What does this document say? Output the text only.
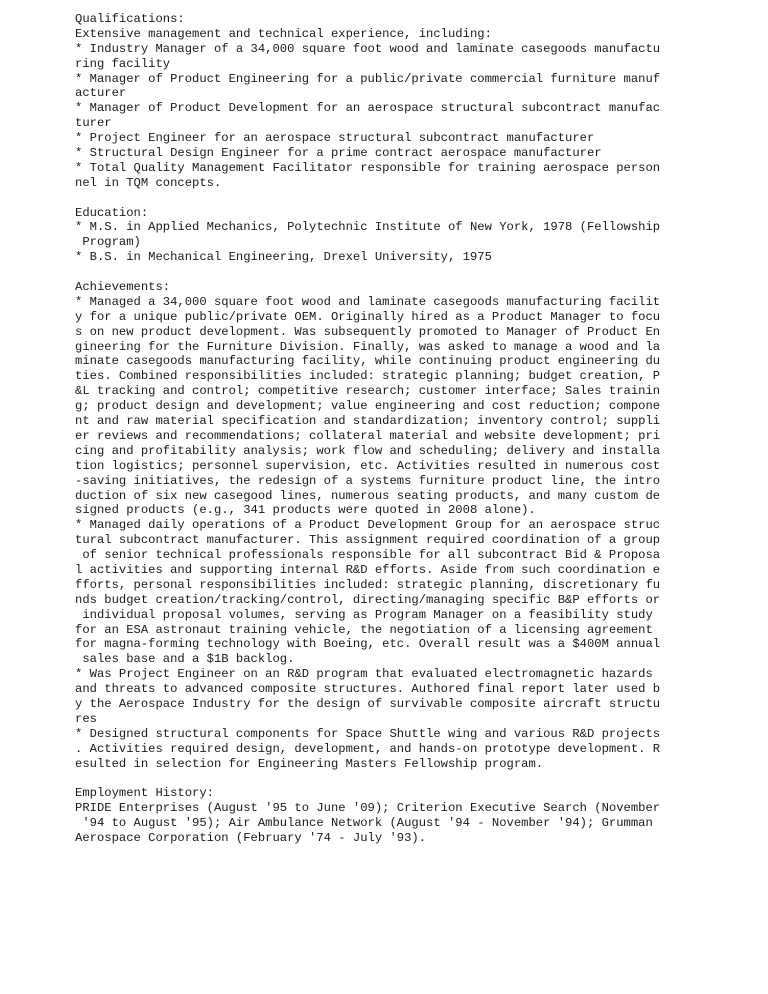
Qualifications:
Extensive management and technical experience, including:
* Industry Manager of a 34,000 square foot wood and laminate casegoods manufactu
ring facility
* Manager of Product Engineering for a public/private commercial furniture manuf
acturer
* Manager of Product Development for an aerospace structural subcontract manufac
turer
* Project Engineer for an aerospace structural subcontract manufacturer
* Structural Design Engineer for a prime contract aerospace manufacturer
* Total Quality Management Facilitator responsible for training aerospace person
nel in TQM concepts.
Education:
* M.S. in Applied Mechanics, Polytechnic Institute of New York, 1978 (Fellowship
Program)
* B.S. in Mechanical Engineering, Drexel University, 1975
Achievements:
* Managed a 34,000 square foot wood and laminate casegoods manufacturing facilit
y for a unique public/private OEM. Originally hired as a Product Manager to focu
s on new product development. Was subsequently promoted to Manager of Product En
gineering for the Furniture Division. Finally, was asked to manage a wood and la
minate casegoods manufacturing facility, while continuing product engineering du
ties. Combined responsibilities included: strategic planning; budget creation, P
&L tracking and control; competitive research; customer interface; Sales trainin
g; product design and development; value engineering and cost reduction; compone
nt and raw material specification and standardization; inventory control; suppli
er reviews and recommendations; collateral material and website development; pri
cing and profitability analysis; work flow and scheduling; delivery and installa
tion logistics; personnel supervision, etc. Activities resulted in numerous cost
-saving initiatives, the redesign of a systems furniture product line, the intro
duction of six new casegood lines, numerous seating products, and many custom de
signed products (e.g., 341 products were quoted in 2008 alone).
* Managed daily operations of a Product Development Group for an aerospace struc
tural subcontract manufacturer. This assignment required coordination of a group
of senior technical professionals responsible for all subcontract Bid & Proposa
l activities and supporting internal R&D efforts. Aside from such coordination e
fforts, personal responsibilities included: strategic planning, discretionary fu
nds budget creation/tracking/control, directing/managing specific B&P efforts or
individual proposal volumes, serving as Program Manager on a feasibility study
for an ESA astronaut training vehicle, the negotiation of a licensing agreement
for magna-forming technology with Boeing, etc. Overall result was a $400M annual
sales base and a $1B backlog.
* Was Project Engineer on an R&D program that evaluated electromagnetic hazards
and threats to advanced composite structures. Authored final report later used b
y the Aerospace Industry for the design of survivable composite aircraft structu
res
* Designed structural components for Space Shuttle wing and various R&D projects
. Activities required design, development, and hands-on prototype development. R
esulted in selection for Engineering Masters Fellowship program.
Employment History:
PRIDE Enterprises (August '95 to June '09); Criterion Executive Search (November
'94 to August '95); Air Ambulance Network (August '94 - November '94); Grumman
Aerospace Corporation (February '74 - July '93).
